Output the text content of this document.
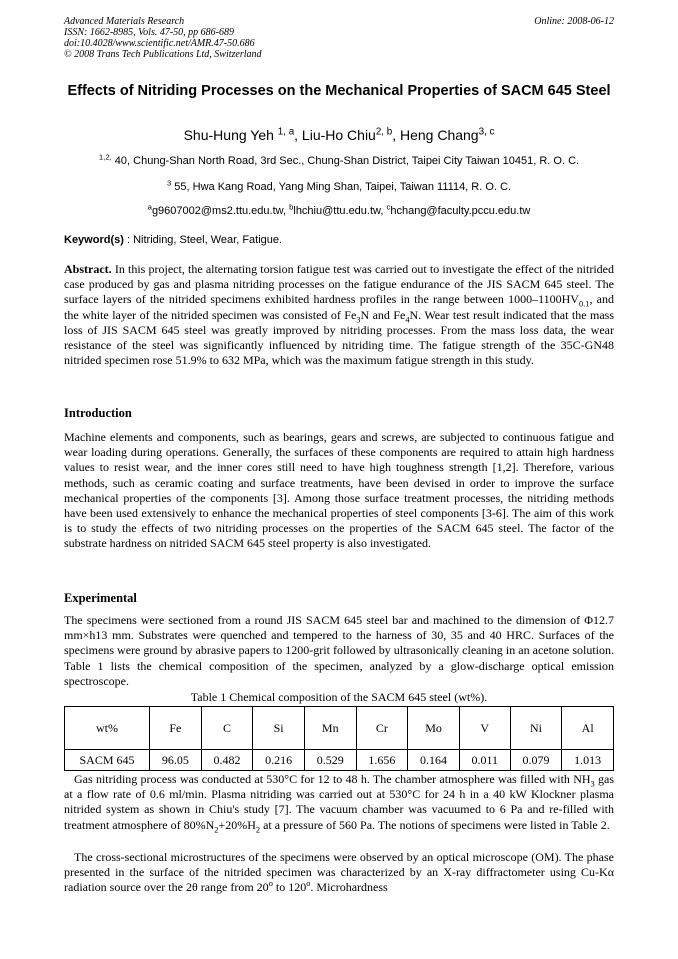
Advanced Materials Research
ISSN: 1662-8985, Vols. 47-50, pp 686-689
doi:10.4028/www.scientific.net/AMR.47-50.686
© 2008 Trans Tech Publications Ltd, Switzerland
Online: 2008-06-12
Effects of Nitriding Processes on the Mechanical Properties of SACM 645 Steel
Shu-Hung Yeh $^{1, a}$, Liu-Ho Chiu$^{2, b}$, Heng Chang$^{3, c}$
$^{1,2,}$ 40, Chung-Shan North Road, 3rd Sec., Chung-Shan District, Taipei City Taiwan 10451, R. O. C.
$^3$ 55, Hwa Kang Road, Yang Ming Shan, Taipei, Taiwan 11114, R. O. C.
$^a$g9607002@ms2.ttu.edu.tw, $^b$lhchiu@ttu.edu.tw, $^c$hchang@faculty.pccu.edu.tw
Keyword(s) : Nitriding, Steel, Wear, Fatigue.
Abstract. In this project, the alternating torsion fatigue test was carried out to investigate the effect of the nitrided case produced by gas and plasma nitriding processes on the fatigue endurance of the JIS SACM 645 steel. The surface layers of the nitrided specimens exhibited hardness profiles in the range between $1000-1100HV_{0.1}$, and the white layer of the nitrided specimen was consisted of $Fe_3N$ and $Fe_4N$. Wear test result indicated that the mass loss of JIS SACM 645 steel was greatly improved by nitriding processes. From the mass loss data, the wear resistance of the steel was significantly influenced by nitriding time. The fatigue strength of the 35C-GN48 nitrided specimen rose 51.9% to 632 MPa, which was the maximum fatigue strength in this study.
Introduction
Machine elements and components, such as bearings, gears and screws, are subjected to continuous fatigue and wear loading during operations. Generally, the surfaces of these components are required to attain high hardness values to resist wear, and the inner cores still need to have high toughness strength [1,2]. Therefore, various methods, such as ceramic coating and surface treatments, have been devised in order to improve the surface mechanical properties of the components [3]. Among those surface treatment processes, the nitriding methods have been used extensively to enhance the mechanical properties of steel components [3-6]. The aim of this work is to study the effects of two nitriding processes on the properties of the SACM 645 steel. The factor of the substrate hardness on nitrided SACM 645 steel property is also investigated.
Experimental
The specimens were sectioned from a round JIS SACM 645 steel bar and machined to the dimension of Φ12.7 mm×h13 mm. Substrates were quenched and tempered to the harness of 30, 35 and 40 HRC. Surfaces of the specimens were ground by abrasive papers to 1200-grit followed by ultrasonically cleaning in an acetone solution. Table 1 lists the chemical composition of the specimen, analyzed by a glow-discharge optical emission spectroscope.
Table 1 Chemical composition of the SACM 645 steel (wt%).
wt%	Fe	C	Si	Mn	Cr	Mo	V	Ni	Al
SACM 645	96.05	0.482	0.216	0.529	1.656	0.164	0.011	0.079	1.013
Gas nitriding process was conducted at 530°C for 12 to 48 h. The chamber atmosphere was filled with $NH_3$ gas at a flow rate of 0.6 ml/min. Plasma nitriding was carried out at 530°C for 24 h in a 40 kW Klockner plasma nitrided system as shown in Chiu's study [7]. The vacuum chamber was vacuumed to 6 Pa and re-filled with treatment atmosphere of $80\%N_2+20\%H_2$ at a pressure of 560 Pa. The notions of specimens were listed in Table 2.
The cross-sectional microstructures of the specimens were observed by an optical microscope (OM). The phase presented in the surface of the nitrided specimen was characterized by an X-ray diffractometer using Cu-Kα radiation source over the 2θ range from 20$^o$ to 120$^o$. Microhardness
